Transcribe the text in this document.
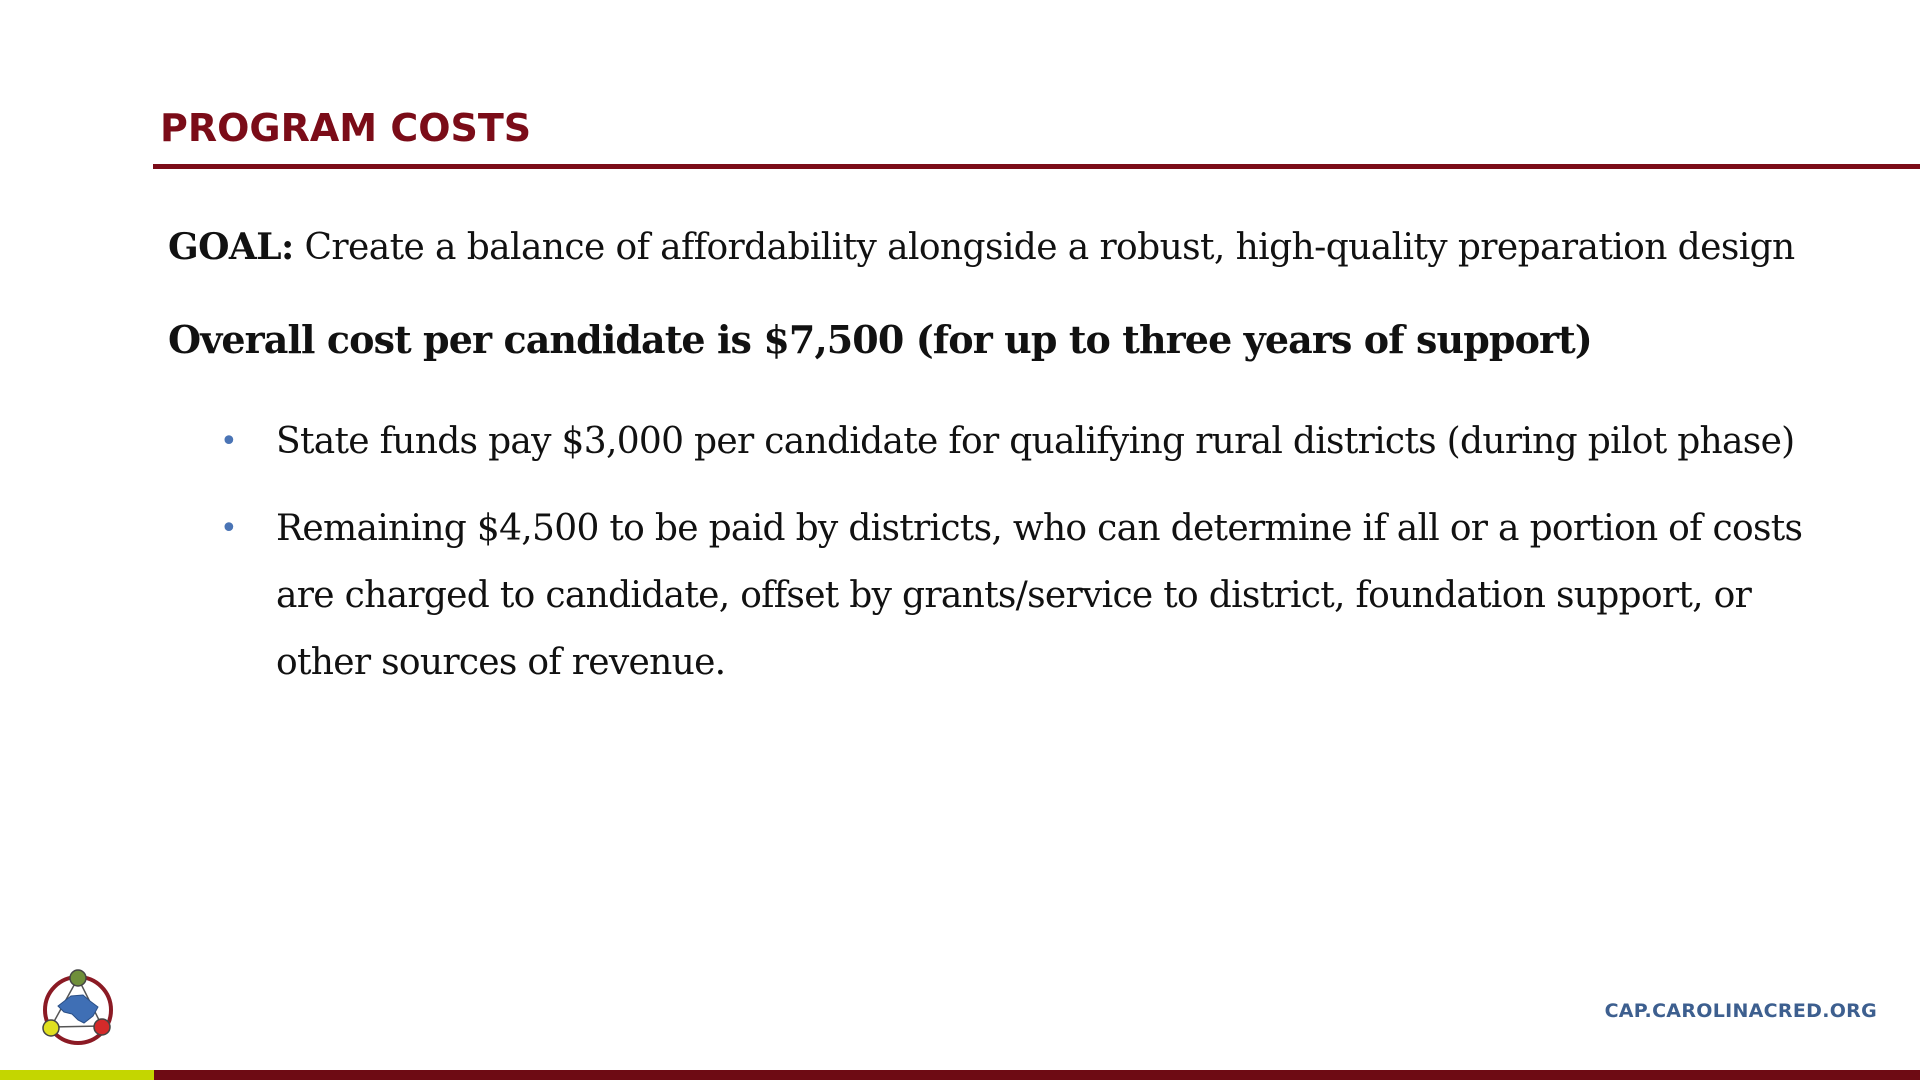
PROGRAM COSTS
GOAL: Create a balance of affordability alongside a robust, high-quality preparation design
Overall cost per candidate is $7,500 (for up to three years of support)
• State funds pay $3,000 per candidate for qualifying rural districts (during pilot phase)
• Remaining $4,500 to be paid by districts, who can determine if all or a portion of costs are charged to candidate, offset by grants/service to district, foundation support, or other sources of revenue.
CAP.CAROLINACRED.ORG
